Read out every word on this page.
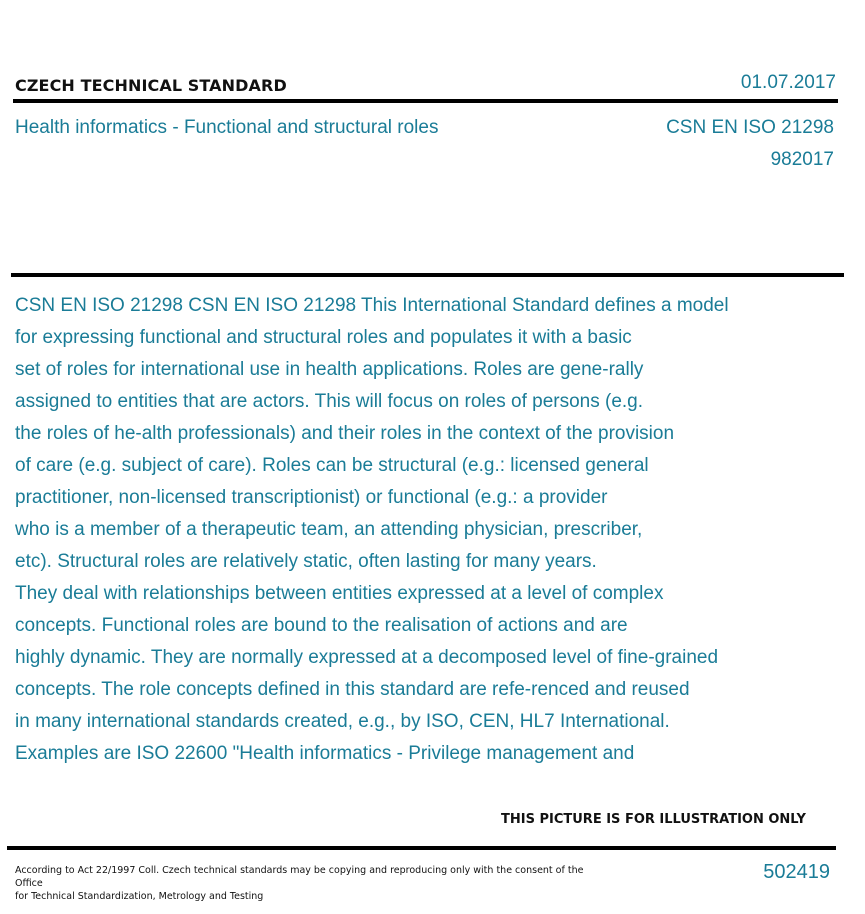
CZECH TECHNICAL STANDARD	01.07.2017
Health informatics - Functional and structural roles	CSN EN ISO 21298
982017
CSN EN ISO 21298 CSN EN ISO 21298 This International Standard defines a model
for expressing functional and structural roles and populates it with a basic
set of roles for international use in health applications. Roles are gene-rally
assigned to entities that are actors. This will focus on roles of persons (e.g.
the roles of he-alth professionals) and their roles in the context of the provision
of care (e.g. subject of care). Roles can be structural (e.g.: licensed general
practitioner, non-licensed transcriptionist) or functional (e.g.: a provider
who is a member of a therapeutic team, an attending physician, prescriber,
etc). Structural roles are relatively static, often lasting for many years.
They deal with relationships between entities expressed at a level of complex
concepts. Functional roles are bound to the realisation of actions and are
highly dynamic. They are normally expressed at a decomposed level of fine-grained
concepts. The role concepts defined in this standard are refe-renced and reused
in many international standards created, e.g., by ISO, CEN, HL7 International.
Examples are ISO 22600 "Health informatics - Privilege management and
THIS PICTURE IS FOR ILLUSTRATION ONLY
According to Act 22/1997 Coll. Czech technical standards may be copying and reproducing only with the consent of the Office
for Technical Standardization, Metrology and Testing
502419
